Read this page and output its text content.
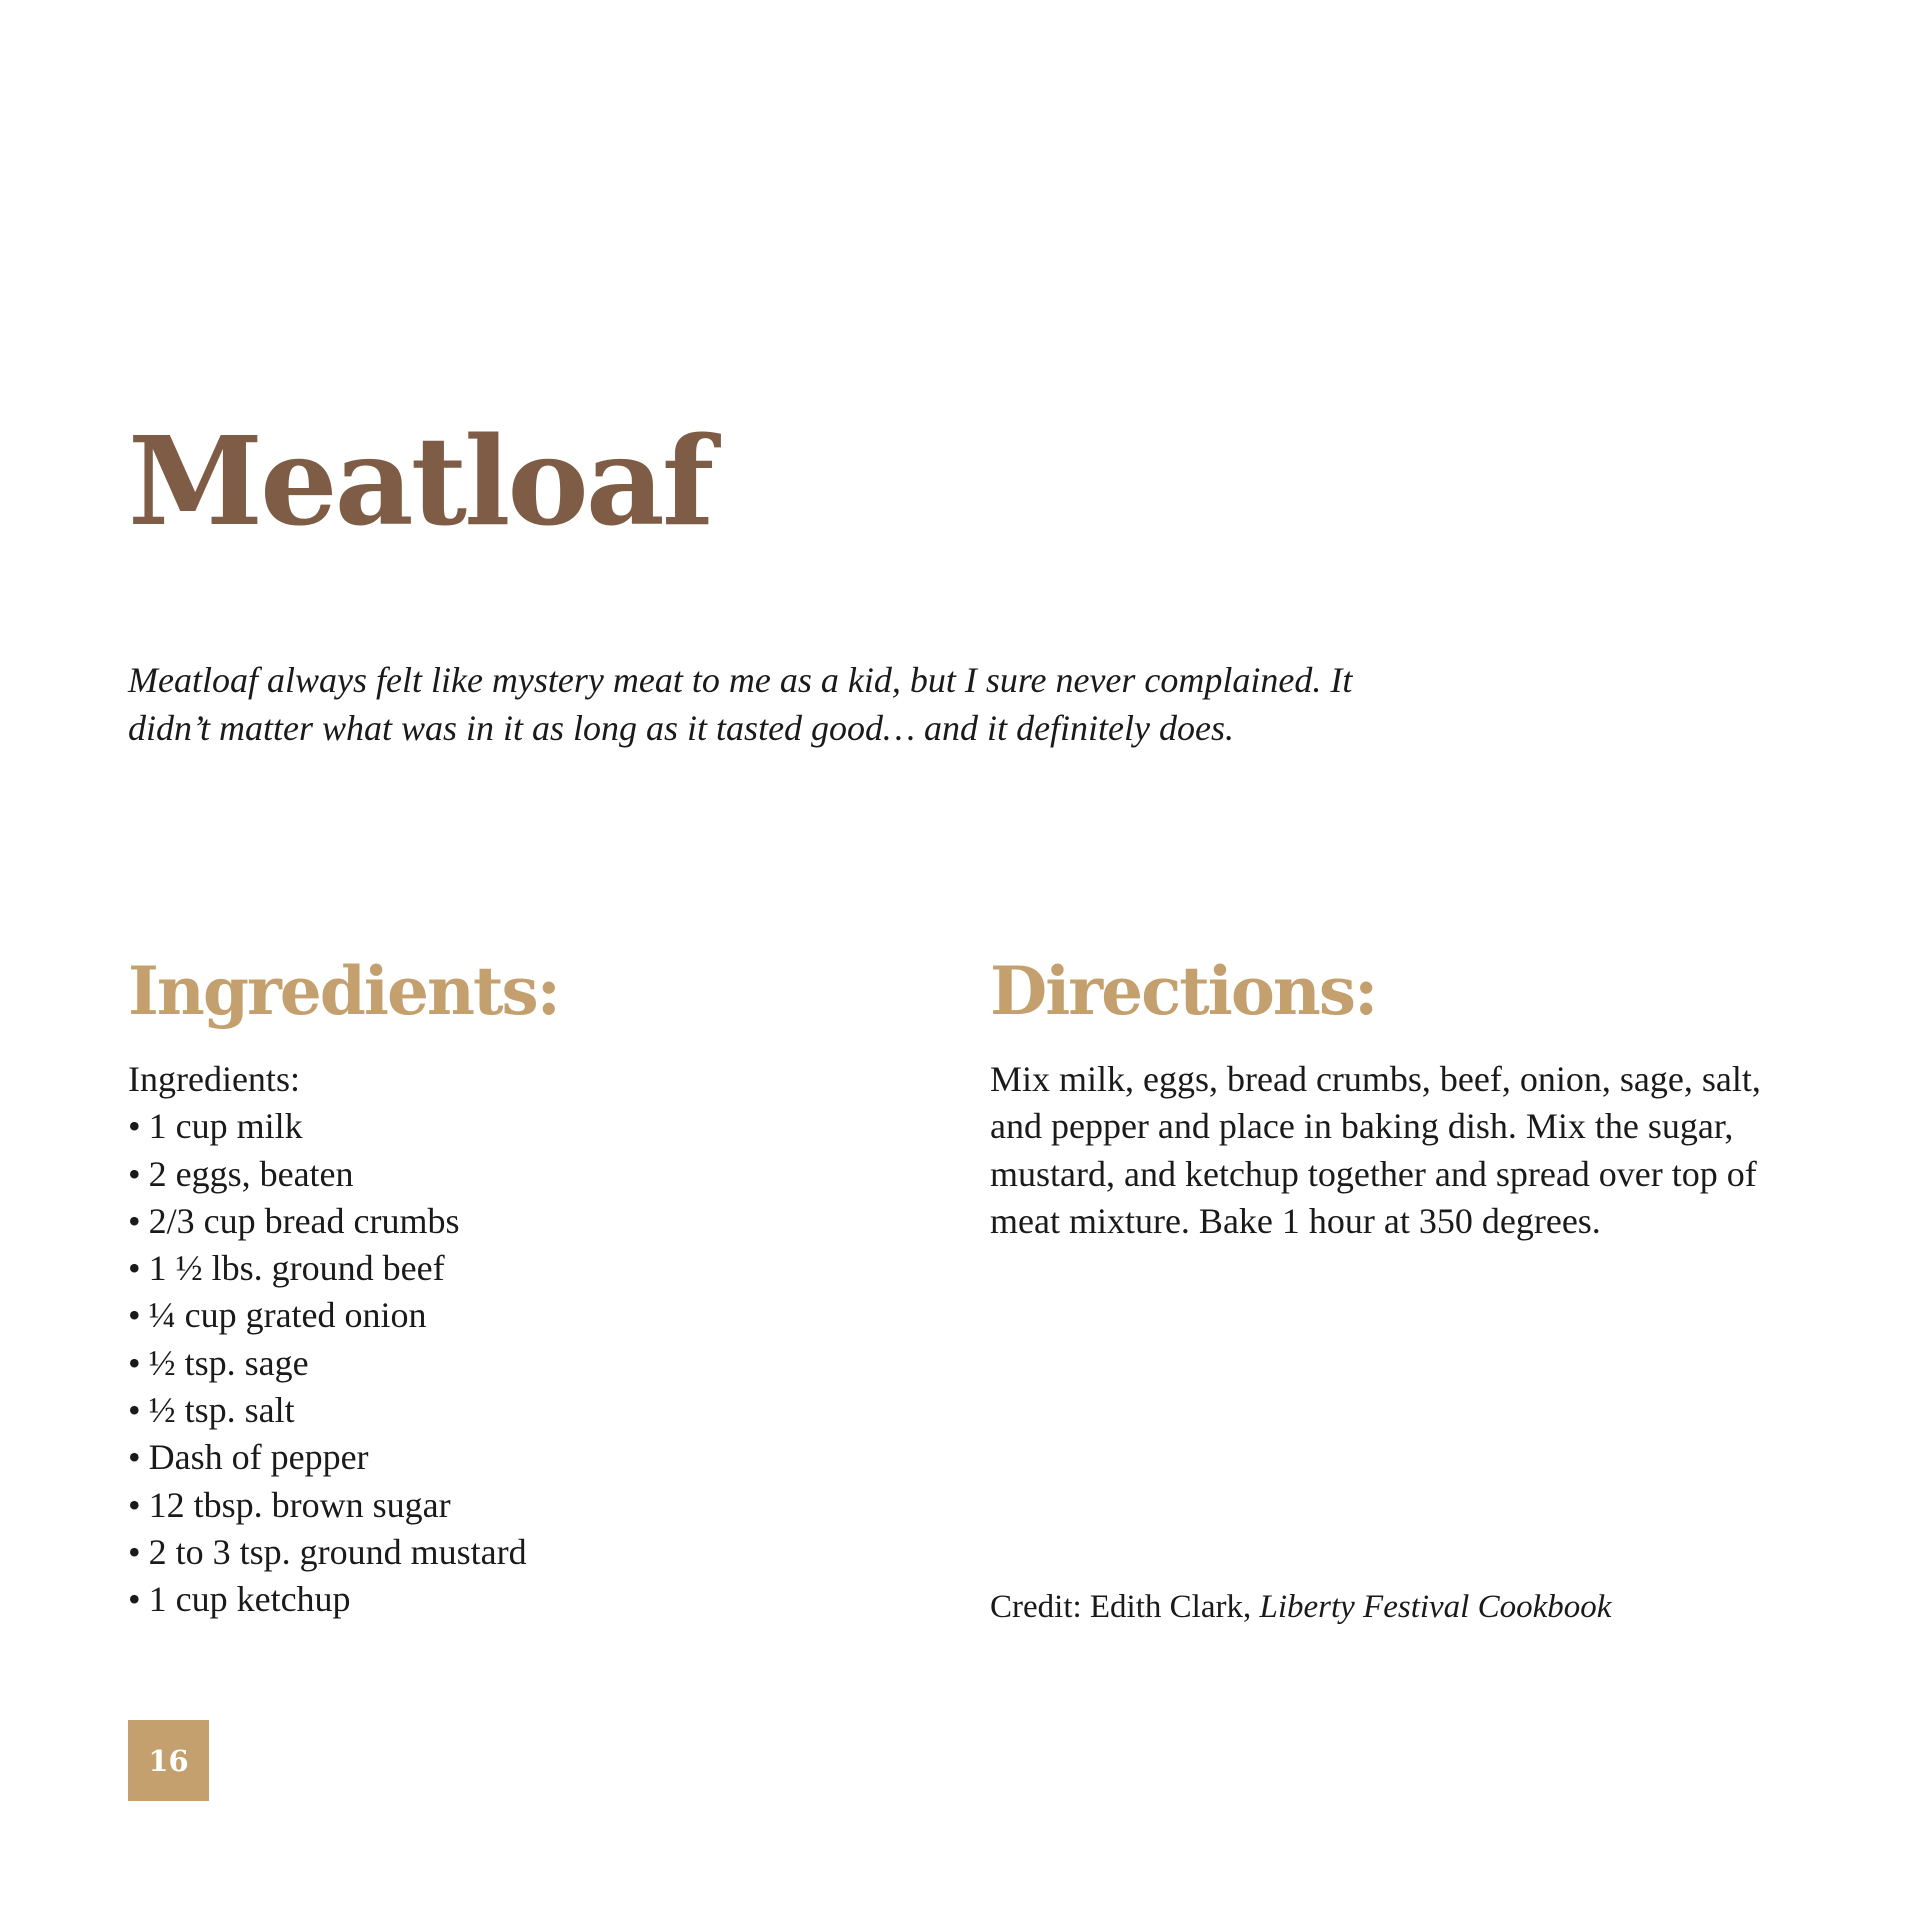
Meatloaf

Meatloaf always felt like mystery meat to me as a kid, but I sure never complained. It didn’t matter what was in it as long as it tasted good… and it definitely does.

Ingredients:
Ingredients:
• 1 cup milk
• 2 eggs, beaten
• 2/3 cup bread crumbs
• 1 ½ lbs. ground beef
• ¼ cup grated onion
• ½ tsp. sage
• ½ tsp. salt
• Dash of pepper
• 12 tbsp. brown sugar
• 2 to 3 tsp. ground mustard
• 1 cup ketchup
Directions:

Mix milk, eggs, bread crumbs, beef, onion, sage, salt, and pepper and place in baking dish. Mix the sugar, mustard, and ketchup together and spread over top of meat mixture. Bake 1 hour at 350 degrees.

Credit: Edith Clark, Liberty Festival Cookbook

16
